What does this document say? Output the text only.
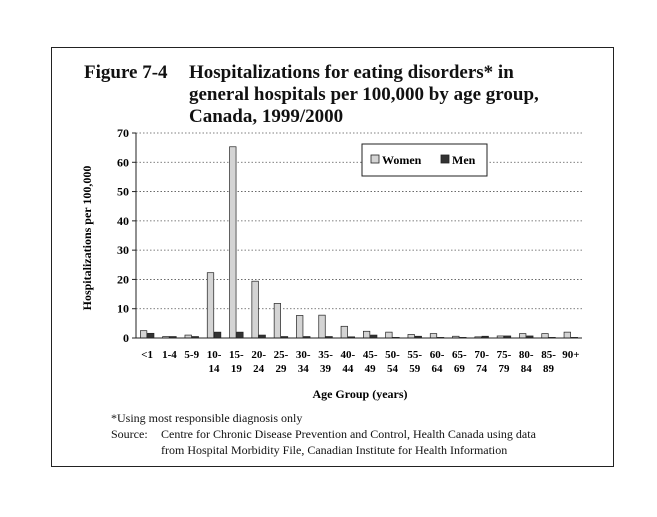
Figure 7-4 Hospitalizations for eating disorders* in
general hospitals per 100,000 by age group,
Canada, 1999/2000
0
10
20
30
40
50
60
70
<1 1-4 5-9 10-
14
15-
19
20-
24
25-
29
30-
34
35-
39
40-
44
45-
49
50-
54
55-
59
60-
64
65-
69
70-
74
75-
79
80-
84
85-
89
90+
Hospitalizations per 100,000
Age Group (years)
Women	Men
*Using most responsible diagnosis only
Source: Centre for Chronic Disease Prevention and Control, Health Canada using data
from Hospital Morbidity File, Canadian Institute for Health Information
